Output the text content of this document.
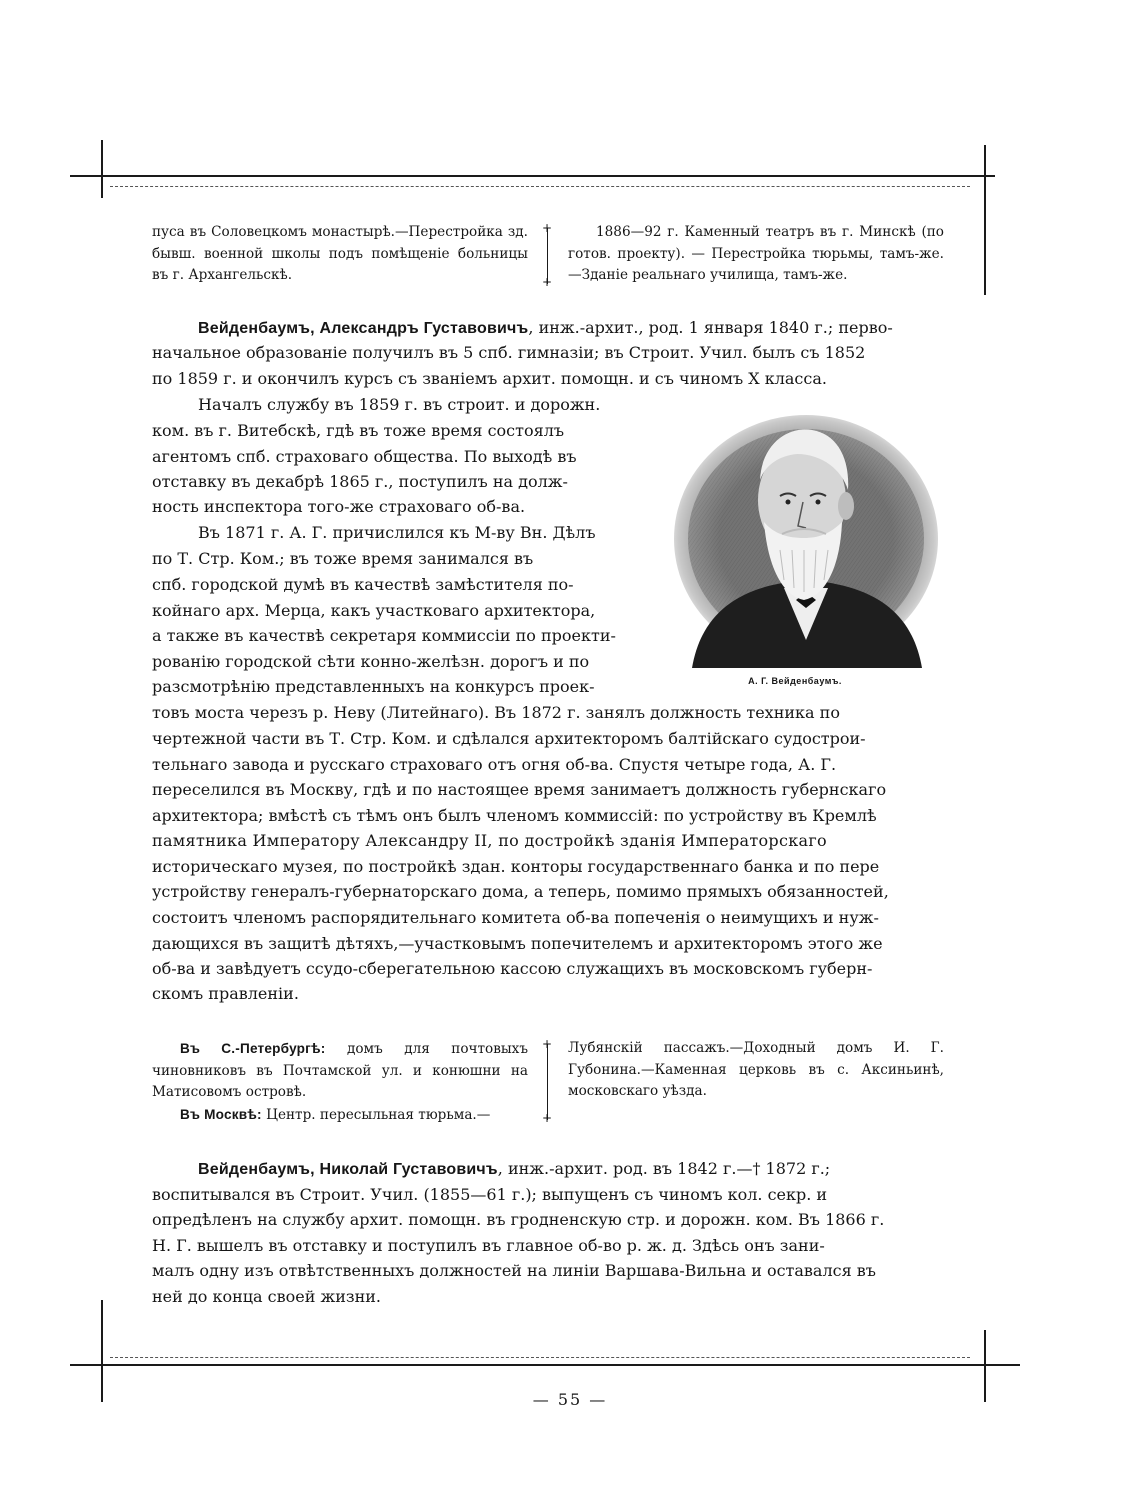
пуса въ Соловецкомъ монастырѣ.—Перестройка зд. бывш. военной школы подъ помѣщеніе больницы въ г. Архангельскѣ.
+
+
1886—92 г. Каменный театръ въ г. Минскѣ (по готов. проекту). — Перестройка тюрьмы, тамъ-же.—Зданіе реальнаго училища, тамъ-же.

Вейденбаумъ, Александръ Густавовичъ, инж.-архит., род. 1 января 1840 г.; перво-

начальное образованіе получилъ въ 5 спб. гимназіи; въ Строит. Учил. былъ съ 1852

по 1859 г. и окончилъ курсъ съ званіемъ архит. помощн. и съ чиномъ X класса.

Началъ службу въ 1859 г. въ строит. и дорожн.

ком. въ г. Витебскѣ, гдѣ въ тоже время состоялъ

агентомъ спб. страховаго общества. По выходѣ въ

отставку въ декабрѣ 1865 г., поступилъ на долж-

ность инспектора того-же страховаго об-ва.

Въ 1871 г. А. Г. причислился къ М-ву Вн. Дѣлъ

по Т. Стр. Ком.; въ тоже время занимался въ

спб. городской думѣ въ качествѣ замѣстителя по-

койнаго арх. Мерца, какъ участковаго архитектора,

а также въ качествѣ секретаря коммиссіи по проекти-

рованію городской сѣти конно-желѣзн. дорогъ и по

разсмотрѣнію представленныхъ на конкурсъ проек-

товъ моста черезъ р. Неву (Литейнаго). Въ 1872 г. занялъ должность техника по

чертежной части въ Т. Стр. Ком. и сдѣлался архитекторомъ балтійскаго судострои-

тельнаго завода и русскаго страховаго отъ огня об-ва. Спустя четыре года, А. Г.

переселился въ Москву, гдѣ и по настоящее время занимаетъ должность губернскаго

архитектора; вмѣстѣ съ тѣмъ онъ былъ членомъ коммиссій: по устройству въ Кремлѣ

памятника Императору Александру II, по достройкѣ зданія Императорскаго

историческаго музея, по постройкѣ здан. конторы государственнаго банка и по пере

устройству генералъ-губернаторскаго дома, а теперь, помимо прямыхъ обязанностей,

состоитъ членомъ распорядительнаго комитета об-ва попеченія о неимущихъ и нуж-

дающихся въ защитѣ дѣтяхъ,—участковымъ попечителемъ и архитекторомъ этого же

об-ва и завѣдуетъ ссудо-сберегательною кассою служащихъ въ московскомъ губерн-

скомъ правленіи.

А. Г. Вейденбаумъ.

Въ С.-Петербургѣ: домъ для почтовыхъ чиновниковъ въ Почтамской ул. и конюшни на Матисовомъ островѣ.

Въ Москвѣ: Центр. пересыльная тюрьма.—

+
+
Лубянскій пассажъ.—Доходный домъ И. Г. Губонина.—Каменная церковь въ с. Аксиньинѣ, московскаго уѣзда.

Вейденбаумъ, Николай Густавовичъ, инж.-архит. род. въ 1842 г.—† 1872 г.;

воспитывался въ Строит. Учил. (1855—61 г.); выпущенъ съ чиномъ кол. секр. и

опредѣленъ на службу архит. помощн. въ гродненскую стр. и дорожн. ком. Въ 1866 г.

Н. Г. вышелъ въ отставку и поступилъ въ главное об-во р. ж. д. Здѣсь онъ зани-

малъ одну изъ отвѣтственныхъ должностей на линіи Варшава-Вильна и оставался въ

ней до конца своей жизни.

— 55 —
